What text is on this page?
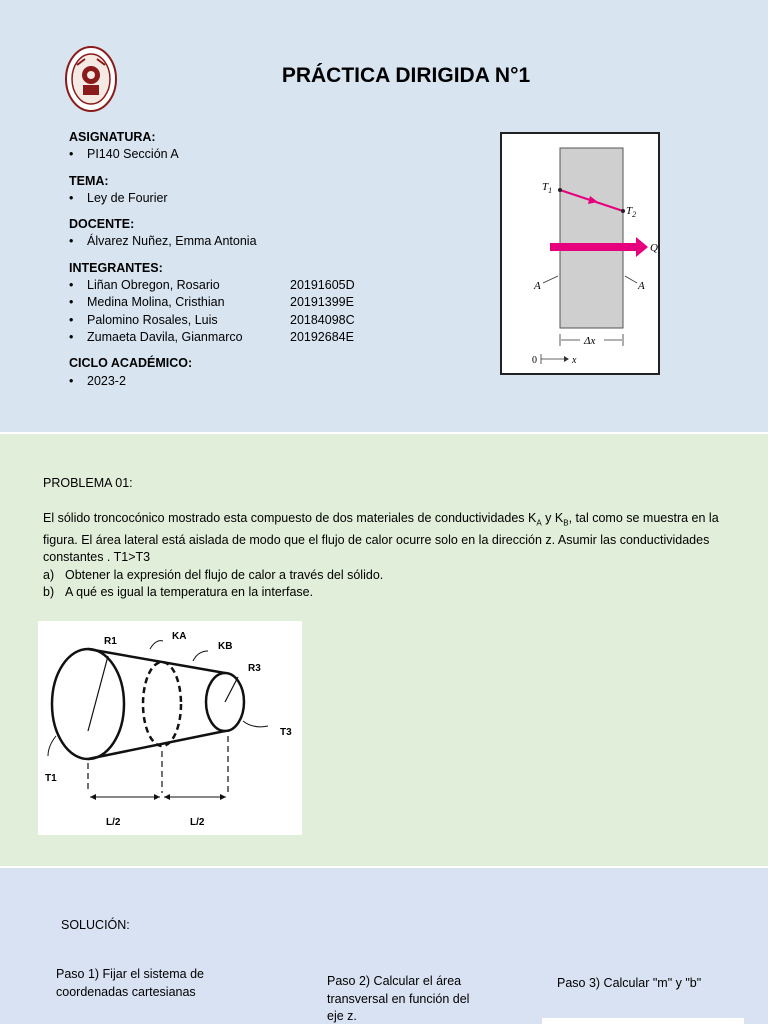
PRÁCTICA DIRIGIDA N°1
ASIGNATURA:
•	PI140 Sección A
TEMA:
•	Ley de Fourier
DOCENTE:
•	Álvarez Nuñez, Emma Antonia
INTEGRANTES:
•	Liñan Obregon, Rosario	20191605D
•	Medina Molina, Cristhian	20191399E
•	Palomino Rosales, Luis	20184098C
•	Zumaeta Davila, Gianmarco	20192684E
CICLO ACADÉMICO:
•	2023-2
$T_1$
$T_2$
Q
A	A
Δx
0	x
PROBLEMA 01:
El sólido troncocónico mostrado esta compuesto de dos materiales de conductividades $K_A$ y $K_B$, tal como se muestra en la figura. El área lateral está aislada de modo que el flujo de calor ocurre solo en la dirección z. Asumir las conductividades constantes . T1>T3
a) Obtener la expresión del flujo de calor a través del sólido.
b) A qué es igual la temperatura en la interfase.
R1	KA
KB
R3
T3
T1
L/2	L/2
SOLUCIÓN:
Paso 1) Fijar el sistema de coordenadas cartesianas
Paso 2) Calcular el área transversal en función del eje z.
Paso 3) Calcular "m" y "b"
